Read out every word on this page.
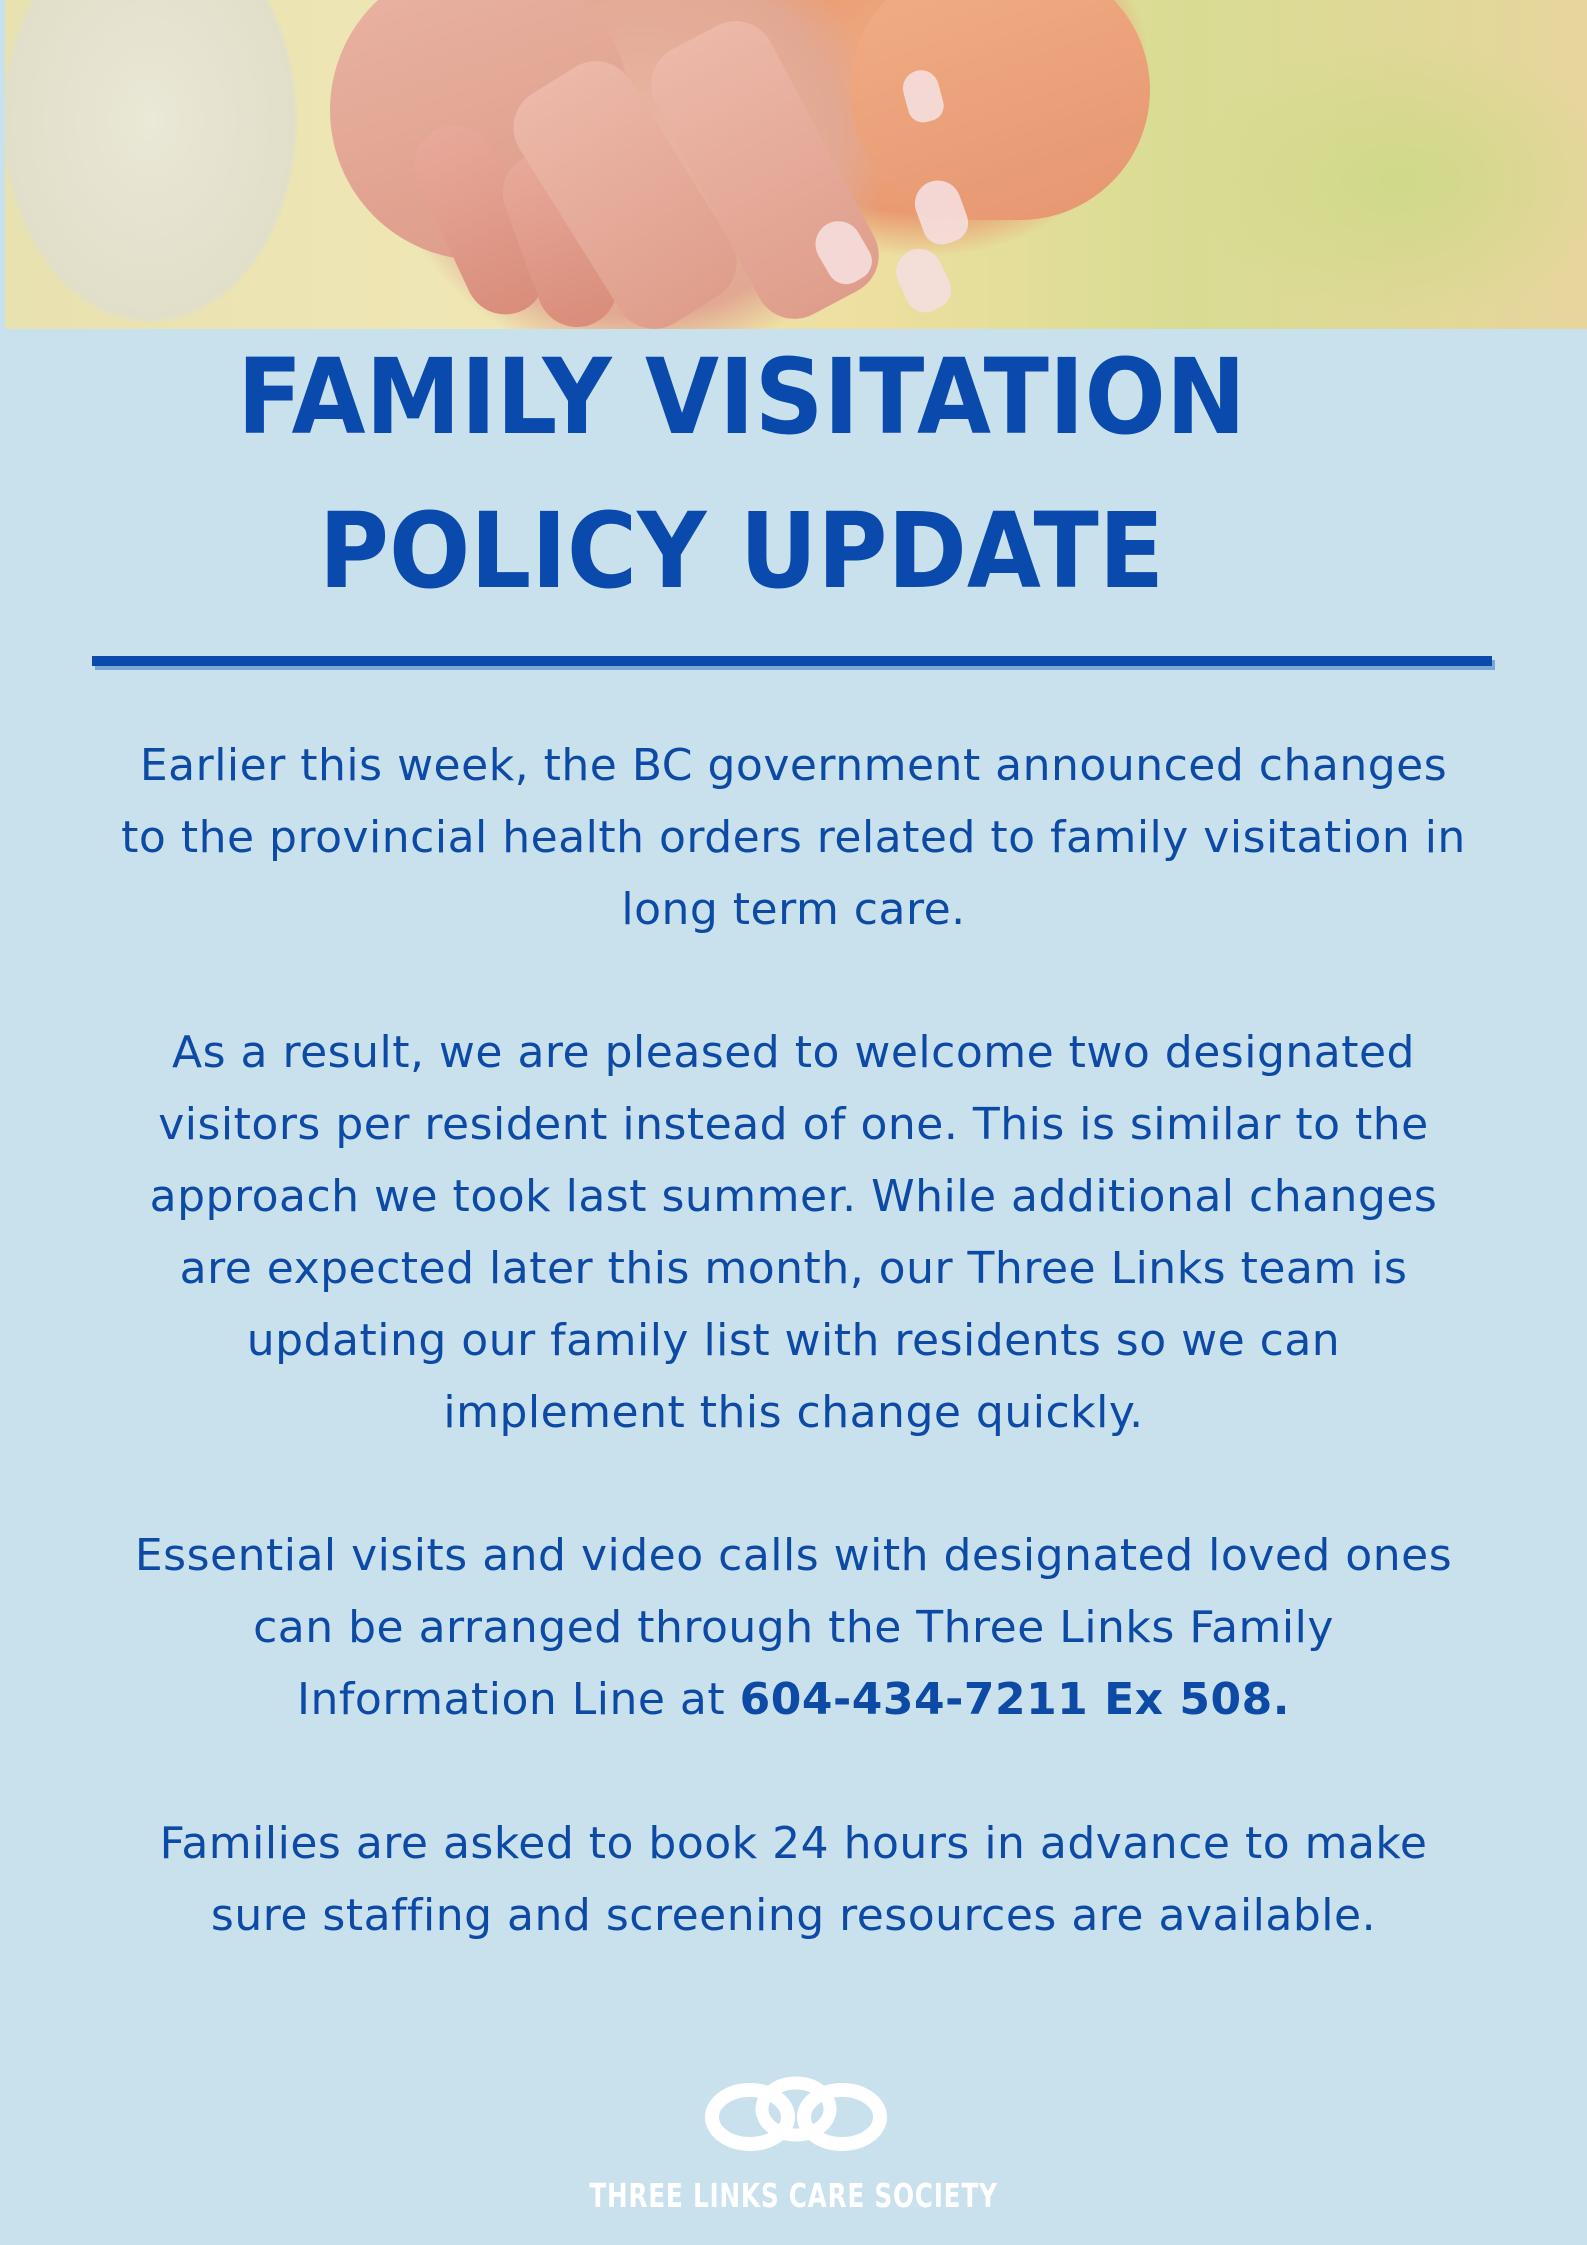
FAMILY VISITATION
POLICY UPDATE
Earlier this week, the BC government announced changes
to the provincial health orders related to family visitation in
long term care.
As a result, we are pleased to welcome two designated
visitors per resident instead of one. This is similar to the
approach we took last summer. While additional changes
are expected later this month, our Three Links team is
updating our family list with residents so we can
implement this change quickly.
Essential visits and video calls with designated loved ones
can be arranged through the Three Links Family
Information Line at 604-434-7211 Ex 508.
Families are asked to book 24 hours in advance to make
sure staffing and screening resources are available.
THREE LINKS CARE SOCIETY
